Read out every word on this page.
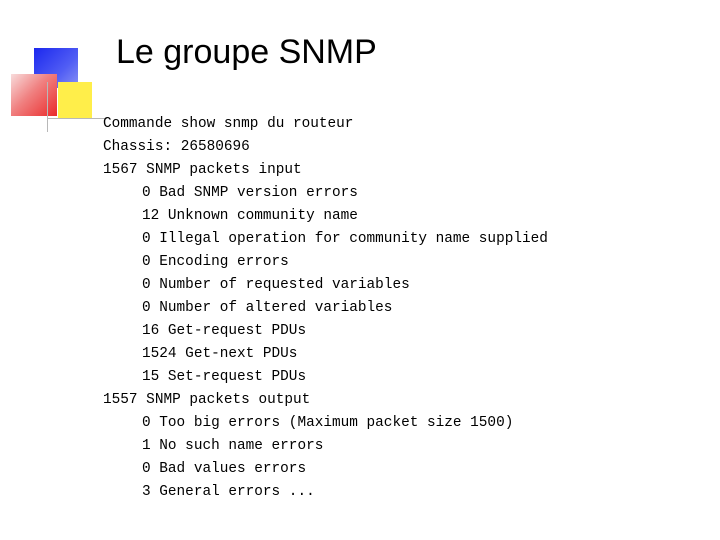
Le groupe SNMP
Commande show snmp du routeur
Chassis: 26580696
1567 SNMP packets input
0 Bad SNMP version errors
12 Unknown community name
0 Illegal operation for community name supplied
0 Encoding errors
0 Number of requested variables
0 Number of altered variables
16 Get-request PDUs
1524 Get-next PDUs
15 Set-request PDUs
1557 SNMP packets output
0 Too big errors (Maximum packet size 1500)
1 No such name errors
0 Bad values errors
3 General errors ...
